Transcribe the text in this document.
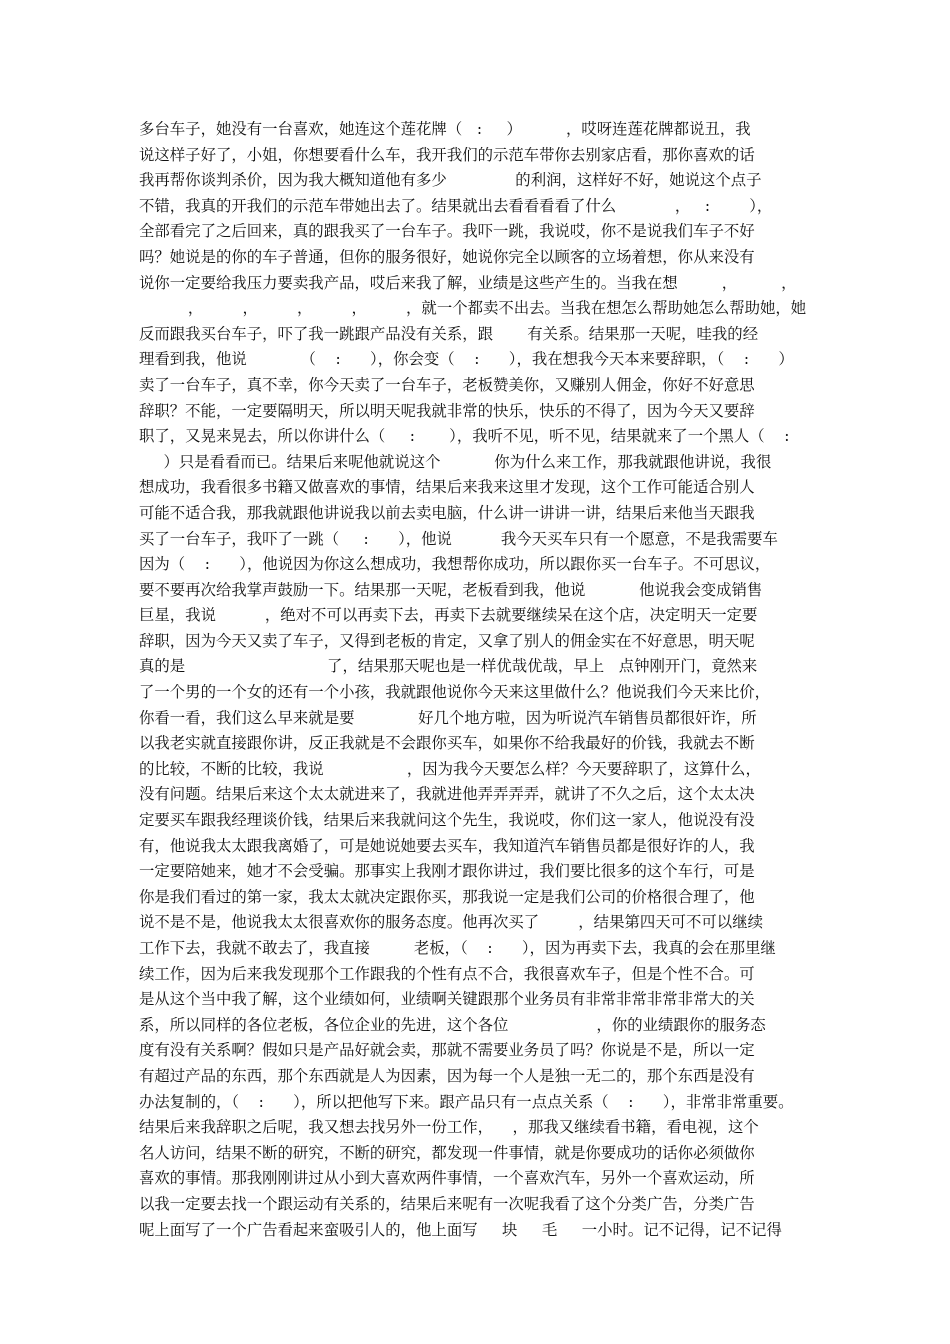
多台车子，她没有一台喜欢，她连这个莲花牌（   :     ）         ，哎呀连莲花牌都说丑，我
说这样子好了，小姐，你想要看什么车，我开我们的示范车带你去别家店看，那你喜欢的话
我再帮你谈判杀价，因为我大概知道他有多少              的利润，这样好不好，她说这个点子
不错，我真的开我们的示范车带她出去了。结果就出去看看看看了什么            ，   :        ），
全部看完了之后回来，真的跟我买了一台车子。我吓一跳，我说哎，你不是说我们车子不好
吗？她说是的你的车子普通，但你的服务很好，她说你完全以顾客的立场着想，你从来没有
说你一定要给我压力要卖我产品，哎后来我了解，业绩是这些产生的。当我在想         ，         ，
，        ，        ，        ，        ，就一个都卖不出去。当我在想怎么帮助她怎么帮助她，她
反而跟我买台车子，吓了我一跳跟产品没有关系，跟       有关系。结果那一天呢，哇我的经
理看到我，他说           （    :      ），你会变（    :      ），我在想我今天本来要辞职，（    :      ）
卖了一台车子，真不幸，你今天卖了一台车子，老板赞美你，又赚别人佣金，你好不好意思
辞职？不能，一定要隔明天，所以明天呢我就非常的快乐，快乐的不得了，因为今天又要辞
职了，又晃来晃去，所以你讲什么（     :       ），我听不见，听不见，结果就来了一个黑人（    :
）只是看看而已。结果后来呢他就说这个           你为什么来工作，那我就跟他讲说，我很
想成功，我看很多书籍又做喜欢的事情，结果后来我来这里才发现，这个工作可能适合别人
可能不适合我，那我就跟他讲说我以前去卖电脑，什么讲一讲讲一讲，结果后来他当天跟我
买了一台车子，我吓了一跳（     :      ），他说          我今天买车只有一个愿意，不是我需要车
因为（    :      ），他说因为你这么想成功，我想帮你成功，所以跟你买一台车子。不可思议，
要不要再次给我掌声鼓励一下。结果那一天呢，老板看到我，他说           他说我会变成销售
巨星，我说          ，绝对不可以再卖下去，再卖下去就要继续呆在这个店，决定明天一定要
辞职，因为今天又卖了车子，又得到老板的肯定，又拿了别人的佣金实在不好意思，明天呢
真的是                             了，结果那天呢也是一样优哉优哉，早上   点钟刚开门，竟然来
了一个男的一个女的还有一个小孩，我就跟他说你今天来这里做什么？他说我们今天来比价，
你看一看，我们这么早来就是要             好几个地方啦，因为听说汽车销售员都很奸诈，所
以我老实就直接跟你讲，反正我就是不会跟你买车，如果你不给我最好的价钱，我就去不断
的比较，不断的比较，我说                 ，因为我今天要怎么样？今天要辞职了，这算什么，
没有问题。结果后来这个太太就进来了，我就进他弄弄弄弄，就讲了不久之后，这个太太决
定要买车跟我经理谈价钱，结果后来我就问这个先生，我说哎，你们这一家人，他说没有没
有，他说我太太跟我离婚了，可是她说她要去买车，我知道汽车销售员都是很好诈的人，我
一定要陪她来，她才不会受骗。那事实上我刚才跟你讲过，我们要比很多的这个车行，可是
你是我们看过的第一家，我太太就决定跟你买，那我说一定是我们公司的价格很合理了，他
说不是不是，他说我太太很喜欢你的服务态度。他再次买了        ，结果第四天可不可以继续
工作下去，我就不敢去了，我直接         老板，（    :      ），因为再卖下去，我真的会在那里继
续工作，因为后来我发现那个工作跟我的个性有点不合，我很喜欢车子，但是个性不合。可
是从这个当中我了解，这个业绩如何，业绩啊关键跟那个业务员有非常非常非常非常大的关
系，所以同样的各位老板，各位企业的先进，这个各位                  ，你的业绩跟你的服务态
度有没有关系啊？假如只是产品好就会卖，那就不需要业务员了吗？你说是不是，所以一定
有超过产品的东西，那个东西就是人为因素，因为每一个人是独一无二的，那个东西是没有
办法复制的，（    :      ），所以把他写下来。跟产品只有一点点关系（    :      ），非常非常重要。
结果后来我辞职之后呢，我又想去找另外一份工作，    ，那我又继续看书籍，看电视，这个
名人访问，结果不断的研究，不断的研究，都发现一件事情，就是你要成功的话你必须做你
喜欢的事情。那我刚刚讲过从小到大喜欢两件事情，一个喜欢汽车，另外一个喜欢运动，所
以我一定要去找一个跟运动有关系的，结果后来呢有一次呢我看了这个分类广告，分类广告
呢上面写了一个广告看起来蛮吸引人的，他上面写     块     毛     一小时。记不记得，记不记得
